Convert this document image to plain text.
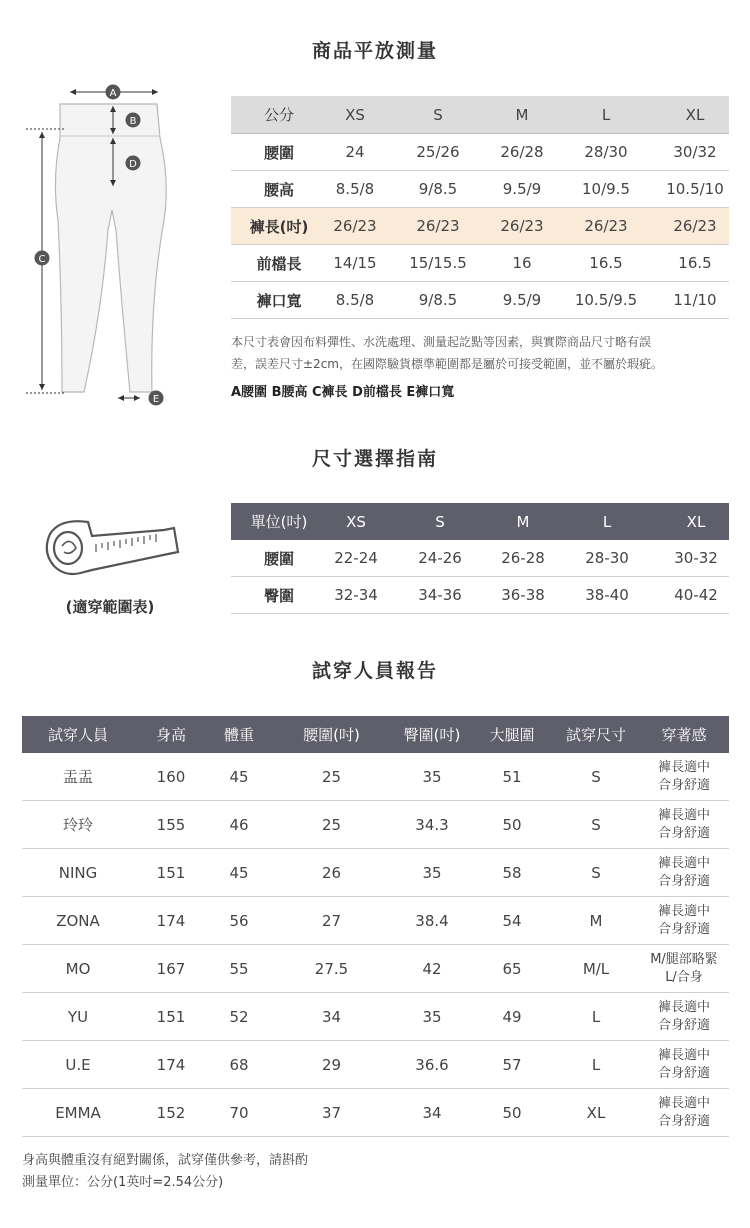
商品平放測量
A
B
C
D
E
公分	XS	S	M	L	XL
腰圍	24	25/26	26/28	28/30	30/32
腰高	8.5/8	9/8.5	9.5/9	10/9.5	10.5/10
褲長(吋)	26/23	26/23	26/23	26/23	26/23
前檔長	14/15	15/15.5	16	16.5	16.5
褲口寬	8.5/8	9/8.5	9.5/9	10.5/9.5	11/10
本尺寸表會因布料彈性、水洗處理、測量起訖點等因素，與實際商品尺寸略有誤
差，誤差尺寸±2cm，在國際驗貨標準範圍都是屬於可接受範圍，並不屬於瑕疵。
A腰圍 B腰高 C褲長 D前檔長 E褲口寬
尺寸選擇指南
(適穿範圍表)
單位(吋)	XS	S	M	L	XL
腰圍	22-24	24-26	26-28	28-30	30-32
臀圍	32-34	34-36	36-38	38-40	40-42
試穿人員報告
試穿人員	身高	體重	腰圍(吋)	臀圍(吋)	大腿圍	試穿尺寸	穿著感
盂盂	160	45	25	35	51	S
褲長適中
合身舒適
玲玲	155	46	25	34.3	50	S
褲長適中
合身舒適
NING	151	45	26	35	58	S
褲長適中
合身舒適
ZONA	174	56	27	38.4	54	M
褲長適中
合身舒適
MO	167	55	27.5	42	65	M/L
M/腿部略緊
L/合身
YU	151	52	34	35	49	L
褲長適中
合身舒適
U.E	174	68	29	36.6	57	L
褲長適中
合身舒適
EMMA	152	70	37	34	50	XL
褲長適中
合身舒適
身高與體重沒有絕對關係，試穿僅供參考，請斟酌
測量單位：公分(1英吋=2.54公分)
